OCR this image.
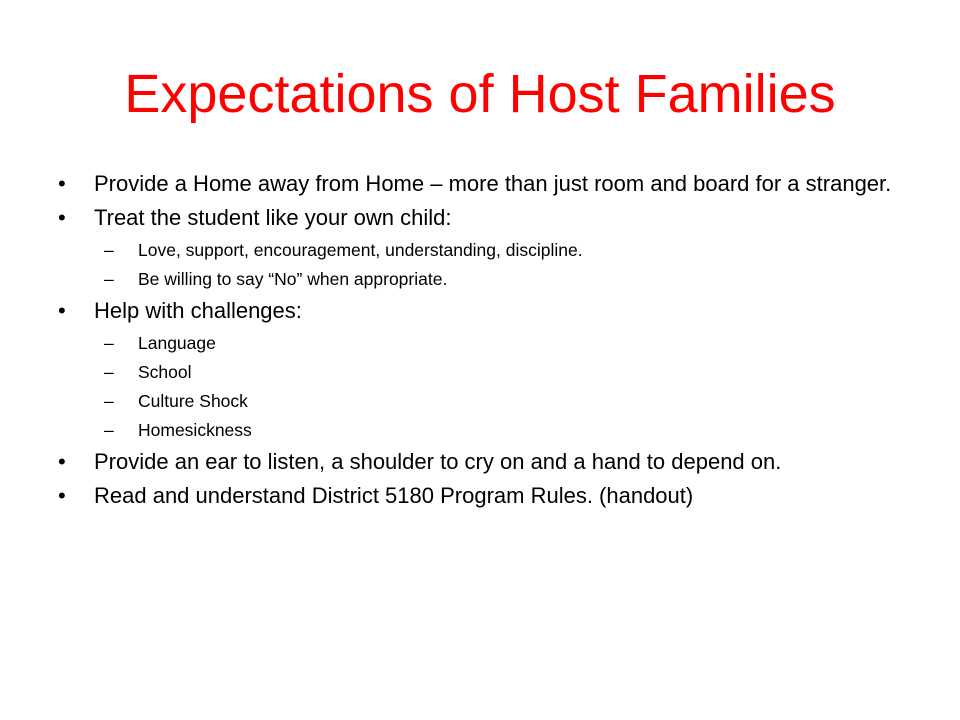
Expectations of Host Families
•	Provide a Home away from Home – more than just room and board for a stranger.
•	Treat the student like your own child:
– Love, support, encouragement, understanding, discipline.
– Be willing to say “No” when appropriate.
•	Help with challenges:
– Language
– School
– Culture Shock
– Homesickness
•	Provide an ear to listen, a shoulder to cry on and a hand to depend on.
•	Read and understand District 5180 Program Rules. (handout)
